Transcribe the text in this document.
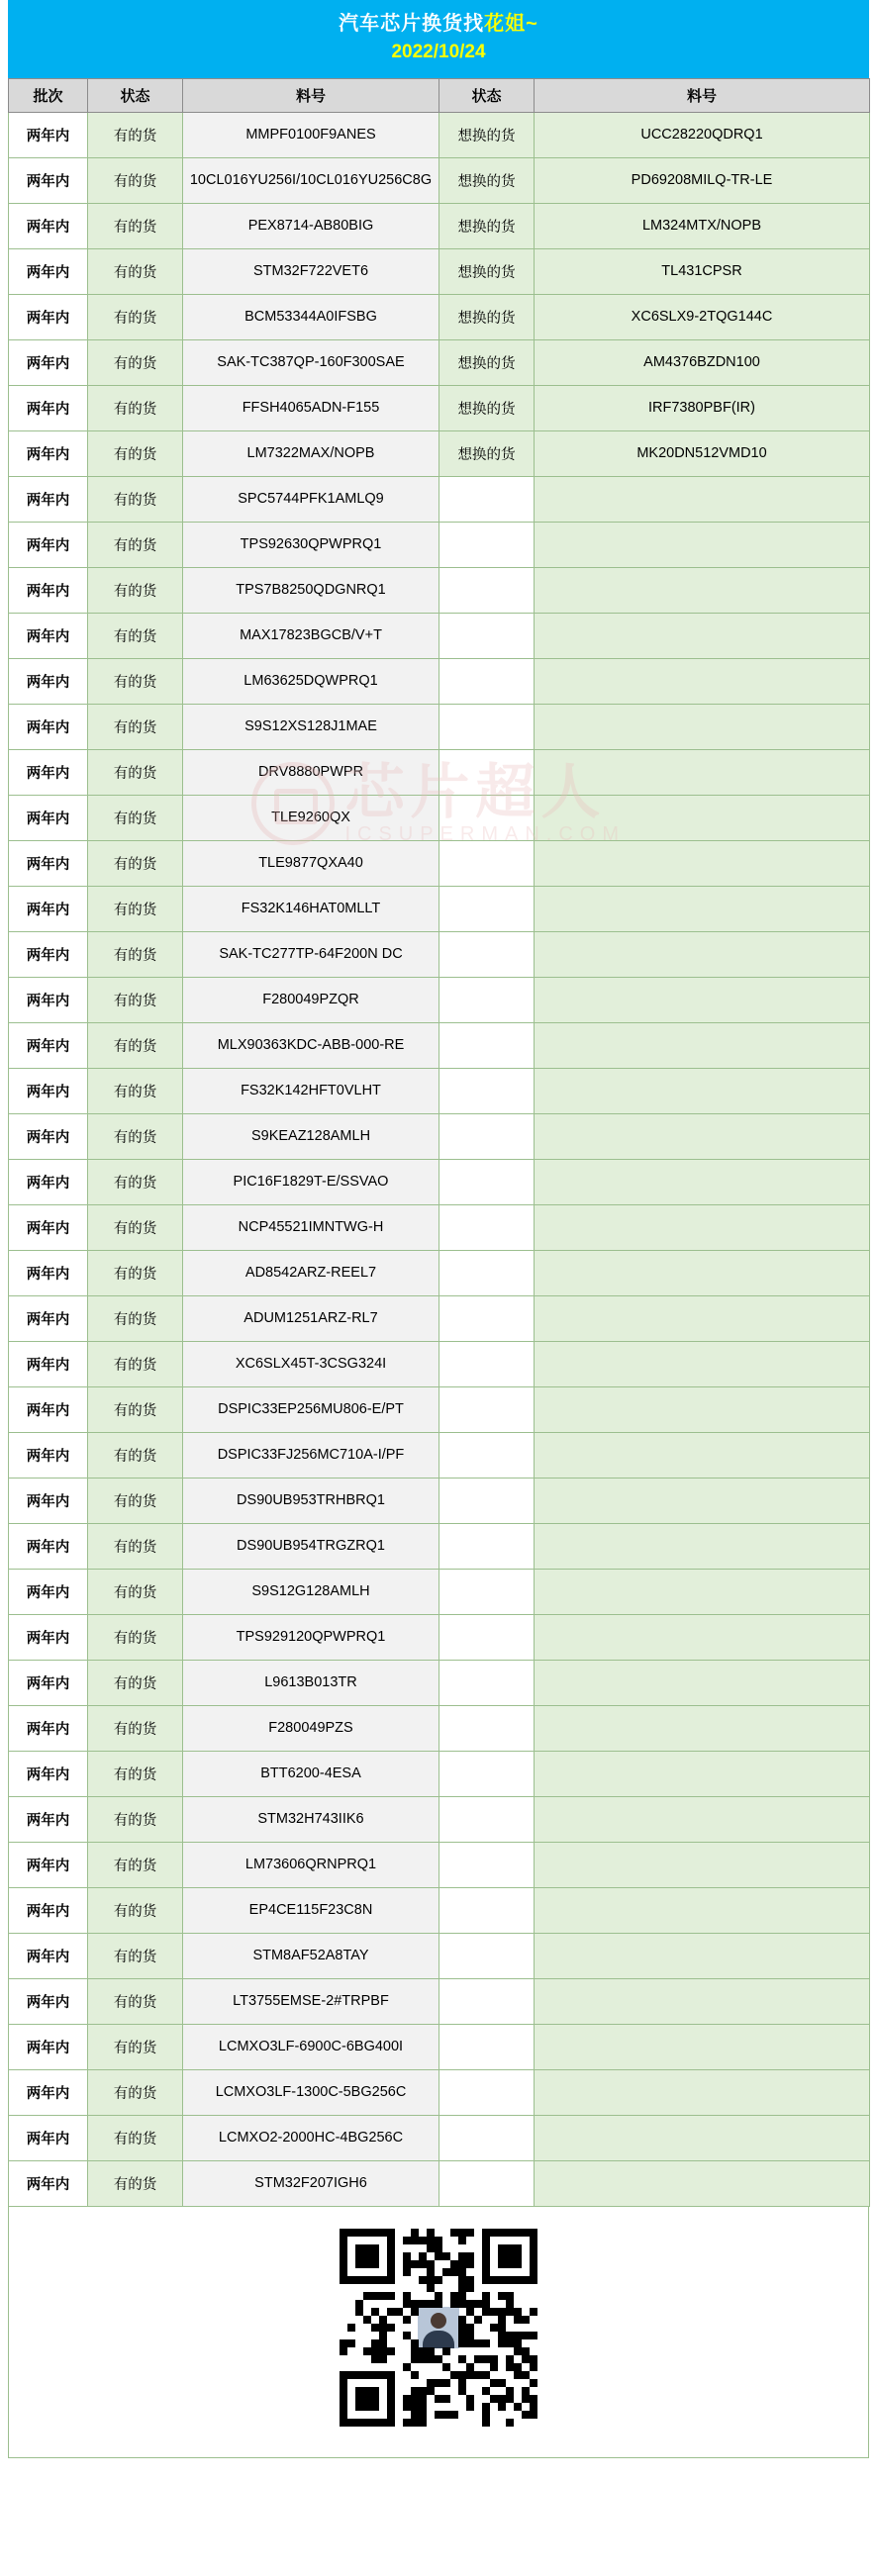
汽车芯片换货找花姐~
2022/10/24
芯片超人
ICSUPERMAN.COM
批次	状态	料号	状态	料号
两年内	有的货	MMPF0100F9ANES	想换的货	UCC28220QDRQ1
两年内	有的货	10CL016YU256I/10CL016YU256C8G	想换的货	PD69208MILQ-TR-LE
两年内	有的货	PEX8714-AB80BIG	想换的货	LM324MTX/NOPB
两年内	有的货	STM32F722VET6	想换的货	TL431CPSR
两年内	有的货	BCM53344A0IFSBG	想换的货	XC6SLX9-2TQG144C
两年内	有的货	SAK-TC387QP-160F300SAE	想换的货	AM4376BZDN100
两年内	有的货	FFSH4065ADN-F155	想换的货	IRF7380PBF(IR)
两年内	有的货	LM7322MAX/NOPB	想换的货	MK20DN512VMD10
两年内	有的货	SPC5744PFK1AMLQ9		
两年内	有的货	TPS92630QPWPRQ1		
两年内	有的货	TPS7B8250QDGNRQ1		
两年内	有的货	MAX17823BGCB/V+T		
两年内	有的货	LM63625DQWPRQ1		
两年内	有的货	S9S12XS128J1MAE		
两年内	有的货	DRV8880PWPR		
两年内	有的货	TLE9260QX		
两年内	有的货	TLE9877QXA40		
两年内	有的货	FS32K146HAT0MLLT		
两年内	有的货	SAK-TC277TP-64F200N DC		
两年内	有的货	F280049PZQR		
两年内	有的货	MLX90363KDC-ABB-000-RE		
两年内	有的货	FS32K142HFT0VLHT		
两年内	有的货	S9KEAZ128AMLH		
两年内	有的货	PIC16F1829T-E/SSVAO		
两年内	有的货	NCP45521IMNTWG-H		
两年内	有的货	AD8542ARZ-REEL7		
两年内	有的货	ADUM1251ARZ-RL7		
两年内	有的货	XC6SLX45T-3CSG324I		
两年内	有的货	DSPIC33EP256MU806-E/PT		
两年内	有的货	DSPIC33FJ256MC710A-I/PF		
两年内	有的货	DS90UB953TRHBRQ1		
两年内	有的货	DS90UB954TRGZRQ1		
两年内	有的货	S9S12G128AMLH		
两年内	有的货	TPS929120QPWPRQ1		
两年内	有的货	L9613B013TR		
两年内	有的货	F280049PZS		
两年内	有的货	BTT6200-4ESA		
两年内	有的货	STM32H743IIK6		
两年内	有的货	LM73606QRNPRQ1		
两年内	有的货	EP4CE115F23C8N		
两年内	有的货	STM8AF52A8TAY		
两年内	有的货	LT3755EMSE-2#TRPBF		
两年内	有的货	LCMXO3LF-6900C-6BG400I		
两年内	有的货	LCMXO3LF-1300C-5BG256C		
两年内	有的货	LCMXO2-2000HC-4BG256C		
两年内	有的货	STM32F207IGH6		
